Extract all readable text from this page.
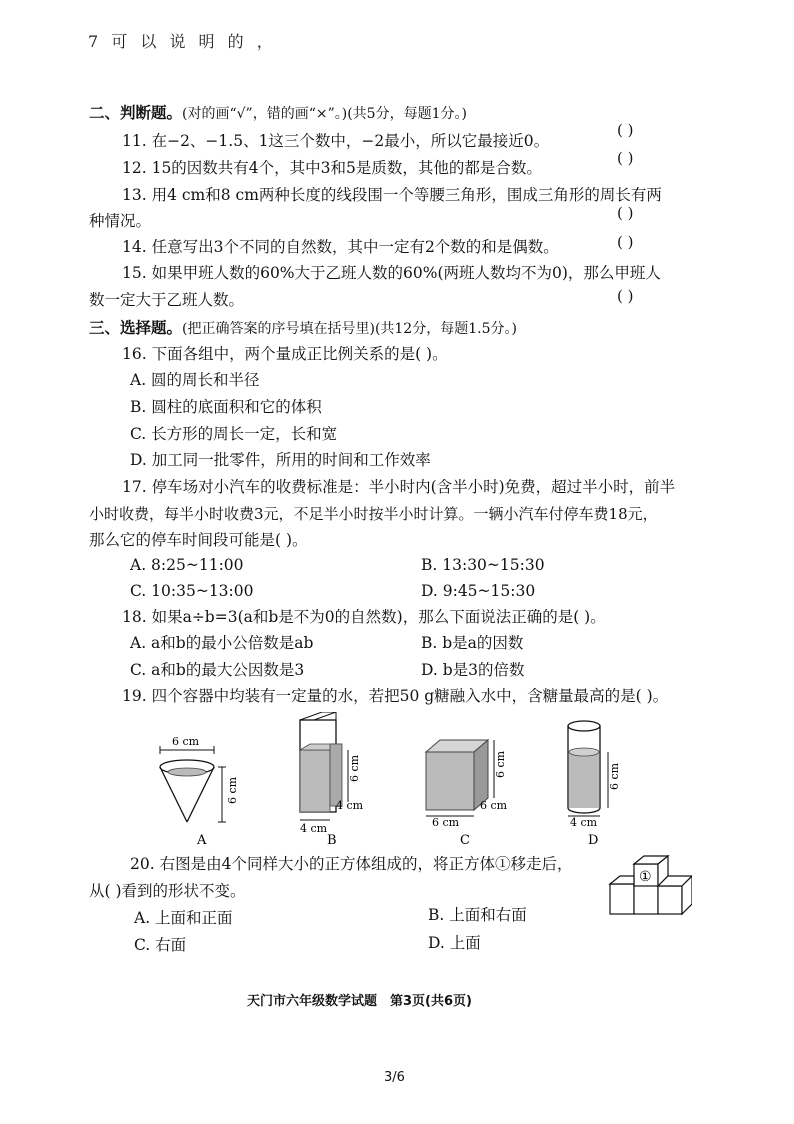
7 可 以 说 明 的 ，
二、判断题。(对的画“√”，错的画“×”。)(共5分，每题1分。)
11. 在−2、−1.5、1这三个数中，−2最小，所以它最接近0。
( )
12. 15的因数共有4个，其中3和5是质数，其他的都是合数。
( )
13. 用4 cm和8 cm两种长度的线段围一个等腰三角形，围成三角形的周长有两
种情况。	( )
14. 任意写出3个不同的自然数，其中一定有2个数的和是偶数。	( )
15. 如果甲班人数的60%大于乙班人数的60%(两班人数均不为0)，那么甲班人
数一定大于乙班人数。	( )
三、选择题。(把正确答案的序号填在括号里)(共12分，每题1.5分。)
16. 下面各组中，两个量成正比例关系的是( )。
A. 圆的周长和半径
B. 圆柱的底面积和它的体积
C. 长方形的周长一定，长和宽
D. 加工同一批零件，所用的时间和工作效率
17. 停车场对小汽车的收费标准是：半小时内(含半小时)免费，超过半小时，前半
小时收费，每半小时收费3元，不足半小时按半小时计算。一辆小汽车付停车费18元，
那么它的停车时间段可能是( )。
A. 8:25~11:00	B. 13:30~15:30
C. 10:35~13:00	D. 9:45~15:30
18. 如果a÷b=3(a和b是不为0的自然数)，那么下面说法正确的是( )。
A. a和b的最小公倍数是ab	B. b是a的因数
C. a和b的最大公因数是3	D. b是3的倍数
19. 四个容器中均装有一定量的水，若把50 g糖融入水中，含糖量最高的是( )。
6 cm
6 cm
A
6 cm
4 cm
4 cm
B
6 cm
6 cm
6 cm
C
6 cm
4 cm
D
20. 右图是由4个同样大小的正方体组成的，将正方体①移走后，
从( )看到的形状不变。
A. 上面和正面	B. 上面和右面
C. 右面	D. 上面
①
天门市六年级数学试题　第3页(共6页)
3/6
